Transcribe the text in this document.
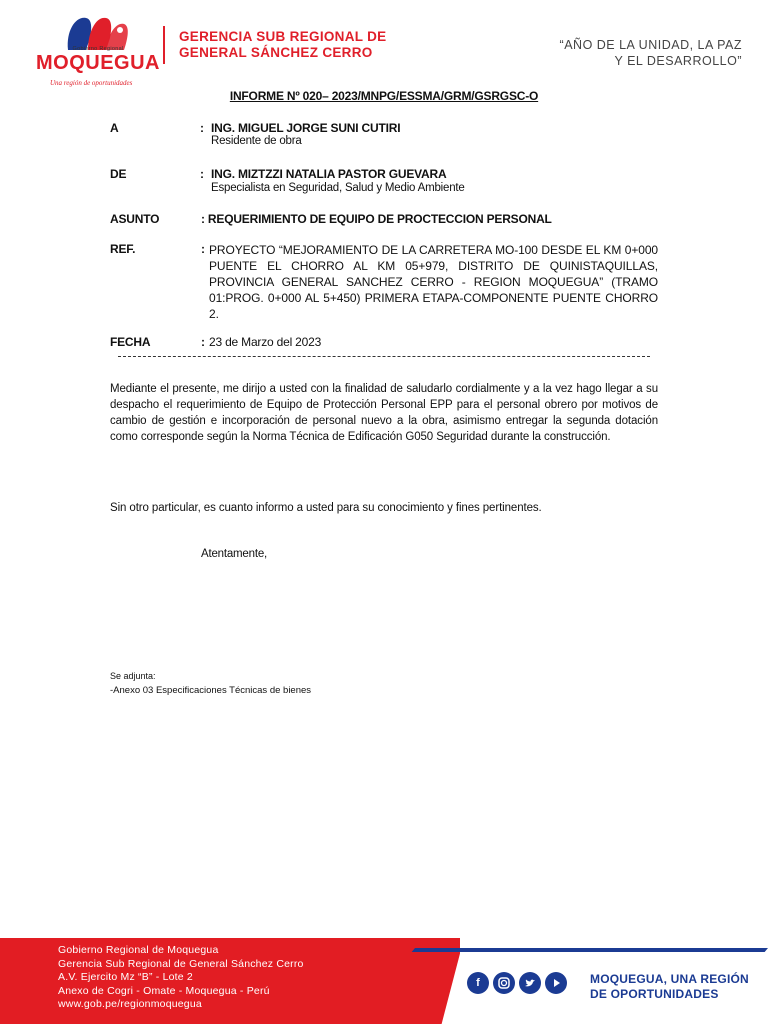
Gobierno Regional
MOQUEGUA
Una región de oportunidades
GERENCIA SUB REGIONAL DE
GENERAL SÁNCHEZ CERRO	“AÑO DE LA UNIDAD, LA PAZ
Y EL DESARROLLO”
INFORME Nº 020– 2023/MNPG/ESSMA/GRM/GSRGSC-O
A	: ING. MIGUEL JORGE SUNI CUTIRI
Residente de obra
DE	: ING. MIZTZZI NATALIA PASTOR GUEVARA
Especialista en Seguridad, Salud y Medio Ambiente
ASUNTO	: REQUERIMIENTO DE EQUIPO DE PROCTECCION PERSONAL
REF.	: PROYECTO “MEJORAMIENTO DE LA CARRETERA MO-100 DESDE EL KM 0+000 PUENTE EL CHORRO AL KM 05+979, DISTRITO DE QUINISTAQUILLAS, PROVINCIA GENERAL SANCHEZ CERRO - REGION MOQUEGUA” (TRAMO 01:PROG. 0+000 AL 5+450) PRIMERA ETAPA-COMPONENTE PUENTE CHORRO 2.
FECHA	: 23 de Marzo del 2023
Mediante el presente, me dirijo a usted con la finalidad de saludarlo cordialmente y a la vez hago llegar a su despacho el requerimiento de Equipo de Protección Personal EPP para el personal obrero por motivos de cambio de gestión e incorporación de personal nuevo a la obra, asimismo entregar la segunda dotación como corresponde según la Norma Técnica de Edificación G050 Seguridad durante la construcción.
Sin otro particular, es cuanto informo a usted para su conocimiento y fines pertinentes.
Atentamente,
Se adjunta:
-Anexo 03 Especificaciones Técnicas de bienes
Gobierno Regional de Moquegua
Gerencia Sub Regional de General Sánchez Cerro
A.V. Ejercito Mz “B” - Lote 2
Anexo de Cogri - Omate - Moquegua - Perú
www.gob.pe/regionmoquegua
f	MOQUEGUA, UNA REGIÓN
DE OPORTUNIDADES
